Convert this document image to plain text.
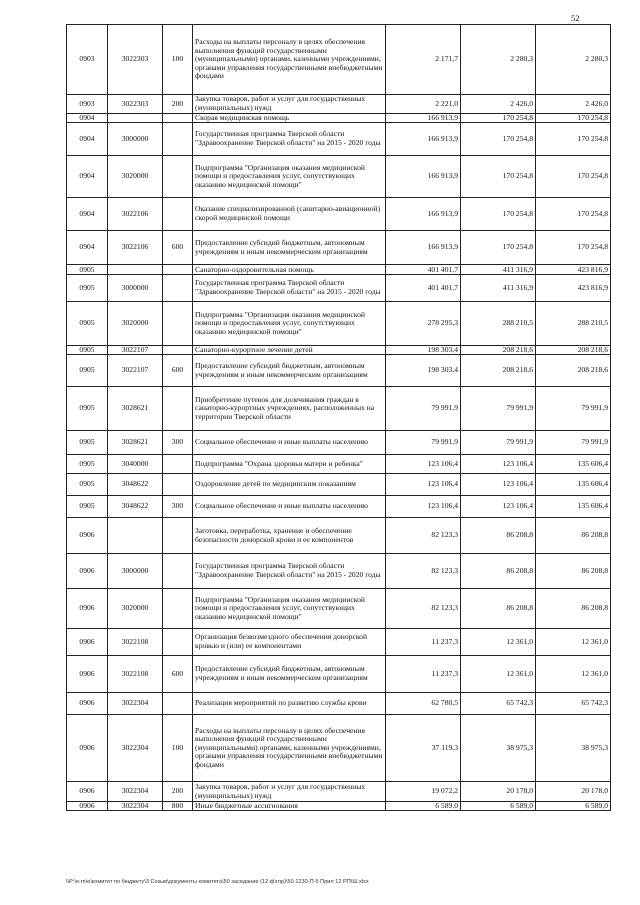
52
0903	3022303	100	Расходы на выплаты персоналу в целях обеспечения выполнения функций государственными (муниципальными) органами, казенными учреждениями, органами управления государственными внебюджетными фондами	2 171,7	2 280,3	2 280,3
0903	3022303	200	Закупка товаров, работ и услуг для государственных (муниципальных) нужд	2 221,0	2 426,0	2 426,0
0904			Скорая медицинская помощь	166 913,9	170 254,8	170 254,8
0904	3000000		Государственная программа Тверской области "Здравоохранение Тверской области" на 2015 - 2020 годы	166 913,9	170 254,8	170 254,8
0904	3020000		Подпрограмма "Организация оказания медицинской помощи и предоставления услуг, сопутствующих оказанию медицинской помощи"	166 913,9	170 254,8	170 254,8
0904	3022106		Оказание специализированной (санитарно-авиационной) скорой медицинской помощи	166 913,9	170 254,8	170 254,8
0904	3022106	600	Предоставление субсидий бюджетным, автономным учреждениям и иным некоммерческим организациям	166 913,9	170 254,8	170 254,8
0905			Санаторно-оздоровительная помощь	401 401,7	411 316,9	423 816,9
0905	3000000		Государственная программа Тверской области "Здравоохранение Тверской области" на 2015 - 2020 годы	401 401,7	411 316,9	423 816,9
0905	3020000		Подпрограмма "Организация оказания медицинской помощи и предоставления услуг, сопутствующих оказанию медицинской помощи"	278 295,3	288 210,5	288 210,5
0905	3022107		Санаторно-курортное лечение детей	198 303,4	208 218,6	208 218,6
0905	3022107	600	Предоставление субсидий бюджетным, автономным учреждениям и иным некоммерческим организациям	198 303,4	208 218,6	208 218,6
0905	3028621		Приобретение путевок для долечивания граждан в санаторно-курортных учреждениях, расположенных на территории Тверской области	79 991,9	79 991,9	79 991,9
0905	3028621	300	Социальное обеспечение и иные выплаты населению	79 991,9	79 991,9	79 991,9
0905	3040000		Подпрограмма "Охрана здоровья матери и ребенка"	123 106,4	123 106,4	135 606,4
0905	3048622		Оздоровление детей по медицинским показаниям	123 106,4	123 106,4	135 606,4
0905	3048622	300	Социальное обеспечение и иные выплаты населению	123 106,4	123 106,4	135 606,4
0906			Заготовка, переработка, хранение и обеспечение безопасности донорской крови и ее компонентов	82 123,3	86 208,8	86 208,8
0906	3000000		Государственная программа Тверской области "Здравоохранение Тверской области" на 2015 - 2020 годы	82 123,3	86 208,8	86 208,8
0906	3020000		Подпрограмма "Организация оказания медицинской помощи и предоставления услуг, сопутствующих оказанию медицинской помощи"	82 123,3	86 208,8	86 208,8
0906	3022108		Организация безвозмездного обеспечения донорской кровью и (или) ее компонентами	11 237,3	12 361,0	12 361,0
0906	3022108	600	Предоставление субсидий бюджетным, автономным учреждениям и иным некоммерческим организациям	11 237,3	12 361,0	12 361,0
0906	3022304		Реализация мероприятий по развитию службы крови	62 780,5	65 742,3	65 742,3
0906	3022304	100	Расходы на выплаты персоналу в целях обеспечения выполнения функций государственными (муниципальными) органами, казенными учреждениями, органами управления государственными внебюджетными фондами	37 119,3	38 975,3	38 975,3
0906	3022304	200	Закупка товаров, работ и услуг для государственных (муниципальных) нужд	19 072,2	20 178,0	20 178,0
0906	3022304	800	Иные бюджетные ассигнования	6 589,0	6 589,0	6 589,0
\\P:\e-m\e\комитет по бюджету\3 Созыв\документы комитета\50 заседание (12 ф\гпр)\50 1230-П-5 Прил 12 РП\Ш.xlsx
